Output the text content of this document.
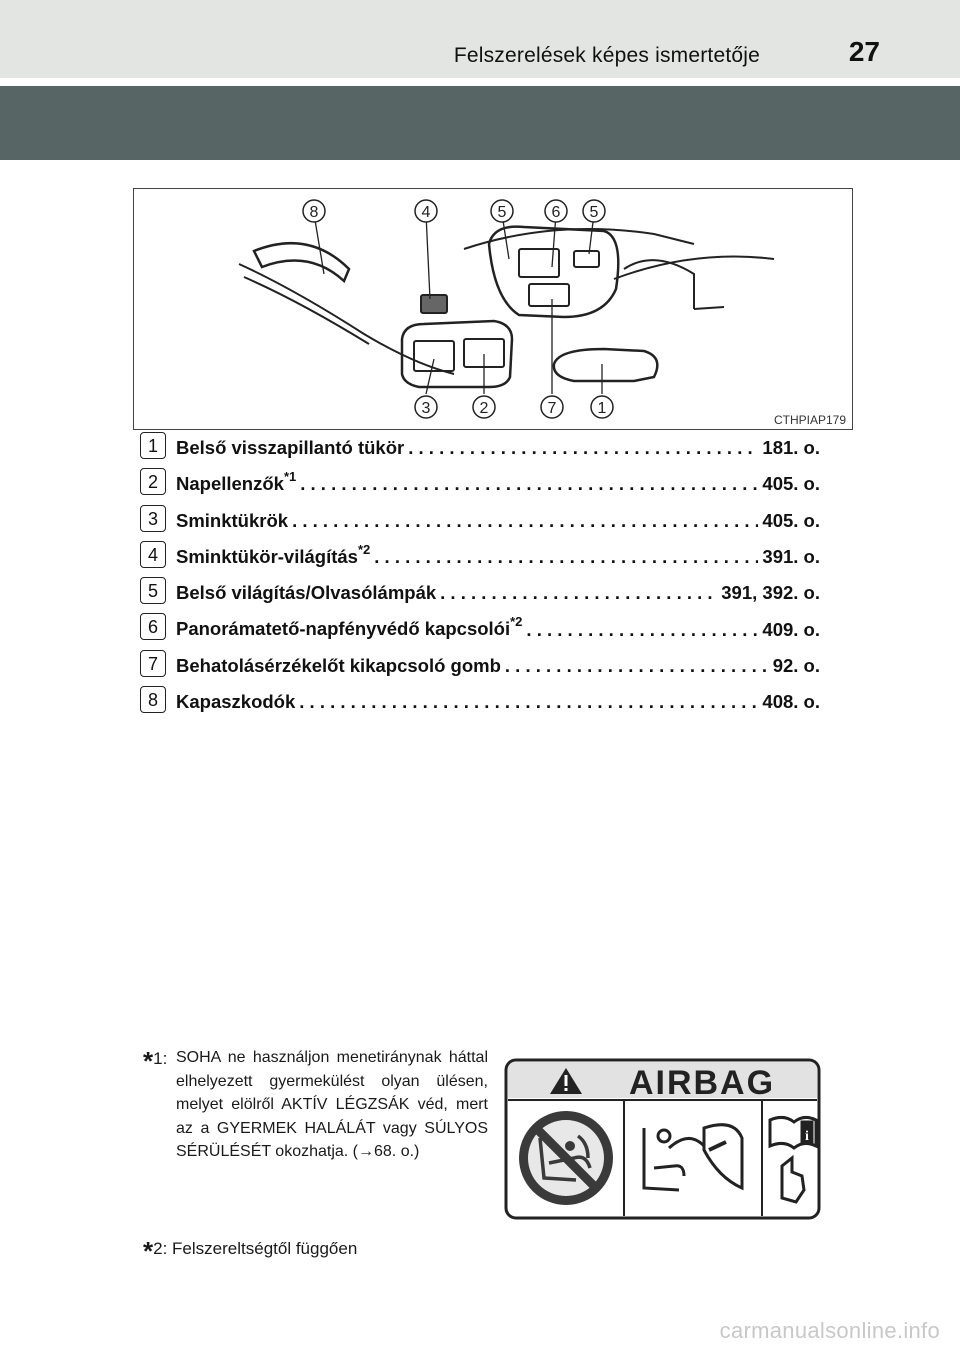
Felszerelések képes ismertetője	27
8	4	5	6 5
3	2	7	1
CTHPIAP179
1 Belső visszapillantó tükör . . .	181. o.
2 Napellenzők$^{*1}$ . . .	405. o.
3 Sminktükrök . . .	405. o.
4 Sminktükör-világítás$^{*2}$ . . .	391. o.
5 Belső világítás/Olvasólámpák . . .	391, 392. o.
6 Panorámatető-napfényvédő kapcsolói$^{*2}$ . . .	409. o.
7 Behatolásérzékelőt kikapcsoló gomb . . .	92. o.
8 Kapaszkodók . . .	408. o.
*1: SOHA ne használjon menetiránynak háttal elhelyezett gyermekülést olyan ülésen, melyet elölről AKTÍV LÉGZSÁK véd, mert az a GYERMEK HALÁLÁT vagy SÚLYOS SÉRÜLÉSÉT okozhatja. (→68. o.)
AIRBAG
i
*2: Felszereltségtől függően
carmanualsonline.info
